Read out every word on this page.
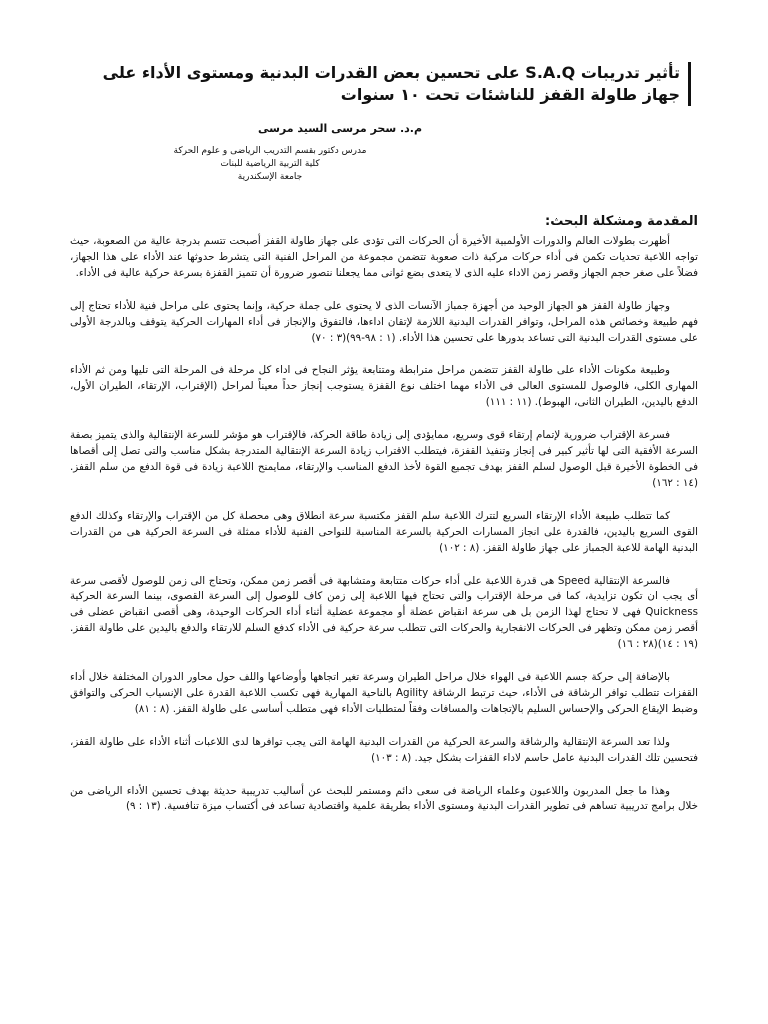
تأثير تدريبات S.A.Q على تحسين بعض القدرات البدنية ومستوى الأداء على جهاز طاولة القفز للناشئات تحت ١٠ سنوات
م.د. سحر مرسى السيد مرسى
مدرس دكتور بقسم التدريب الرياضى و علوم الحركة
كلية التربية الرياضية للبنات
جامعة الإسكندرية
المقدمة ومشكلة البحث:

أظهرت بطولات العالم والدورات الأولمبية الأخيرة أن الحركات التى تؤدى على جهاز طاولة القفز أصبحت تتسم بدرجة عالية من الصعوبة، حيث تواجه اللاعبة تحديات تكمن فى أداء حركات مركبة ذات صعوبة تتضمن مجموعة من المراحل الفنية التى يتشرط حدوثها عند الأداء على هذا الجهاز، فضلاً على صغر حجم الجهاز وقصر زمن الاداء عليه الذى لا يتعدى بضع ثوانى مما يجعلنا نتصور ضرورة أن تتميز القفزة بسرعة حركية عالية فى الأداء.

وجهاز طاولة القفز هو الجهاز الوحيد من أجهزة جمباز الآنسات الذى لا يحتوى على جملة حركية، وإنما يحتوى على مراحل فنية للأداء تحتاج إلى فهم طبيعة وخصائص هذه المراحل، وتوافر القدرات البدنية اللازمة لإتقان اداءها، فالتفوق والإنجاز فى أداء المهارات الحركية يتوقف وبالدرجة الأولى على مستوى القدرات البدنية التى تساعد بدورها على تحسين هذا الأداء. (١ : ٩٨-٩٩)(٣ : ٧٠)

وطبيعة مكونات الأداء على طاولة القفز تتضمن مراحل مترابطة ومتتابعة يؤثر النجاح فى اداء كل مرحلة فى المرحلة التى تليها ومن ثم الأداء المهارى الكلى، فالوصول للمستوى العالى فى الأداء مهما اختلف نوع القفزة يستوجب إنجاز حداً معيناً لمراحل (الإقتراب، الإرتقاء، الطيران الأول، الدفع باليدين، الطيران الثانى، الهبوط). (١١ : ١١١)

فسرعة الإقتراب ضرورية لإتمام إرتقاء قوى وسريع، ممايؤدى إلى زيادة طاقة الحركة، فالإقتراب هو مؤشر للسرعة الإنتقالية والذى يتميز بصفة السرعة الأفقية التى لها تأثير كبير فى إنجاز وتنفيذ القفزة، فيتطلب الاقتراب زيادة السرعة الإنتقالية المتدرجة بشكل مناسب والتى تصل إلى أقصاها فى الخطوة الأخيرة قبل الوصول لسلم القفز بهدف تجميع القوة لأخذ الدفع المناسب والإرتقاء، ممايمنح اللاعبة زيادة فى قوة الدفع من سلم القفز. (١٤ : ١٦٢)

كما تتطلب طبيعة الأداء الإرتقاء السريع لتترك اللاعبة سلم القفز مكتسبة سرعة انطلاق وهى محصلة كل من الإقتراب والإرتقاء وكذلك الدفع القوى السريع باليدين، فالقدرة على انجاز المسارات الحركية بالسرعة المناسبة للنواحى الفنية للأداء ممثلة فى السرعة الحركية هى من القدرات البدنية الهامة للاعبة الجمباز على جهاز طاولة القفز. (٨ : ١٠٢)

فالسرعة الإنتقالية Speed هى قدرة اللاعبة على أداء حركات متتابعة ومتشابهة فى أقصر زمن ممكن، وتحتاج الى زمن للوصول لأقصى سرعة أى يجب ان تكون تزايدية، كما فى مرحلة الإقتراب والتى تحتاج فيها اللاعبة إلى زمن كاف للوصول إلى السرعة القصوى، بينما السرعة الحركية Quickness فهى لا تحتاج لهذا الزمن بل هى سرعة انقباض عضلة أو مجموعة عضلية أثناء أداء الحركات الوحيدة، وهى أقصى انقباض عضلى فى أقصر زمن ممكن وتظهر فى الحركات الانفجارية والحركات التى تتطلب سرعة حركية فى الأداء كدفع السلم للارتقاء والدفع باليدين على طاولة القفز. (١٩ : ١٤)(٢٨ : ١٦)

بالإضافة إلى حركة جسم اللاعبة فى الهواء خلال مراحل الطيران وسرعة تغير اتجاهها وأوضاعها واللف حول محاور الدوران المختلفة خلال أداء القفزات تتطلب توافر الرشاقة فى الأداء، حيث ترتبط الرشاقة Agility بالناحية المهارية فهى تكسب اللاعبة القدرة على الإنسياب الحركى والتوافق وضبط الإيقاع الحركى والإحساس السليم بالإتجاهات والمسافات وفقاً لمتطلبات الأداء فهى متطلب أساسى على طاولة القفز. (٨ : ٨١)

ولذا تعد السرعة الإنتقالية والرشاقة والسرعة الحركية من القدرات البدنية الهامة التى يجب توافرها لدى اللاعبات أثناء الأداء على طاولة القفز، فتحسين تلك القدرات البدنية عامل حاسم لاداء القفزات بشكل جيد. (٨ : ١٠٣)

وهذا ما جعل المدربون واللاعبون وعلماء الرياضة فى سعى دائم ومستمر للبحث عن أساليب تدريبية حديثة بهدف تحسين الأداء الرياضى من خلال برامج تدريبية تساهم فى تطوير القدرات البدنية ومستوى الأداء بطريقة علمية واقتصادية تساعد فى أكتساب ميزة تنافسية. (١٣ : ٩)
